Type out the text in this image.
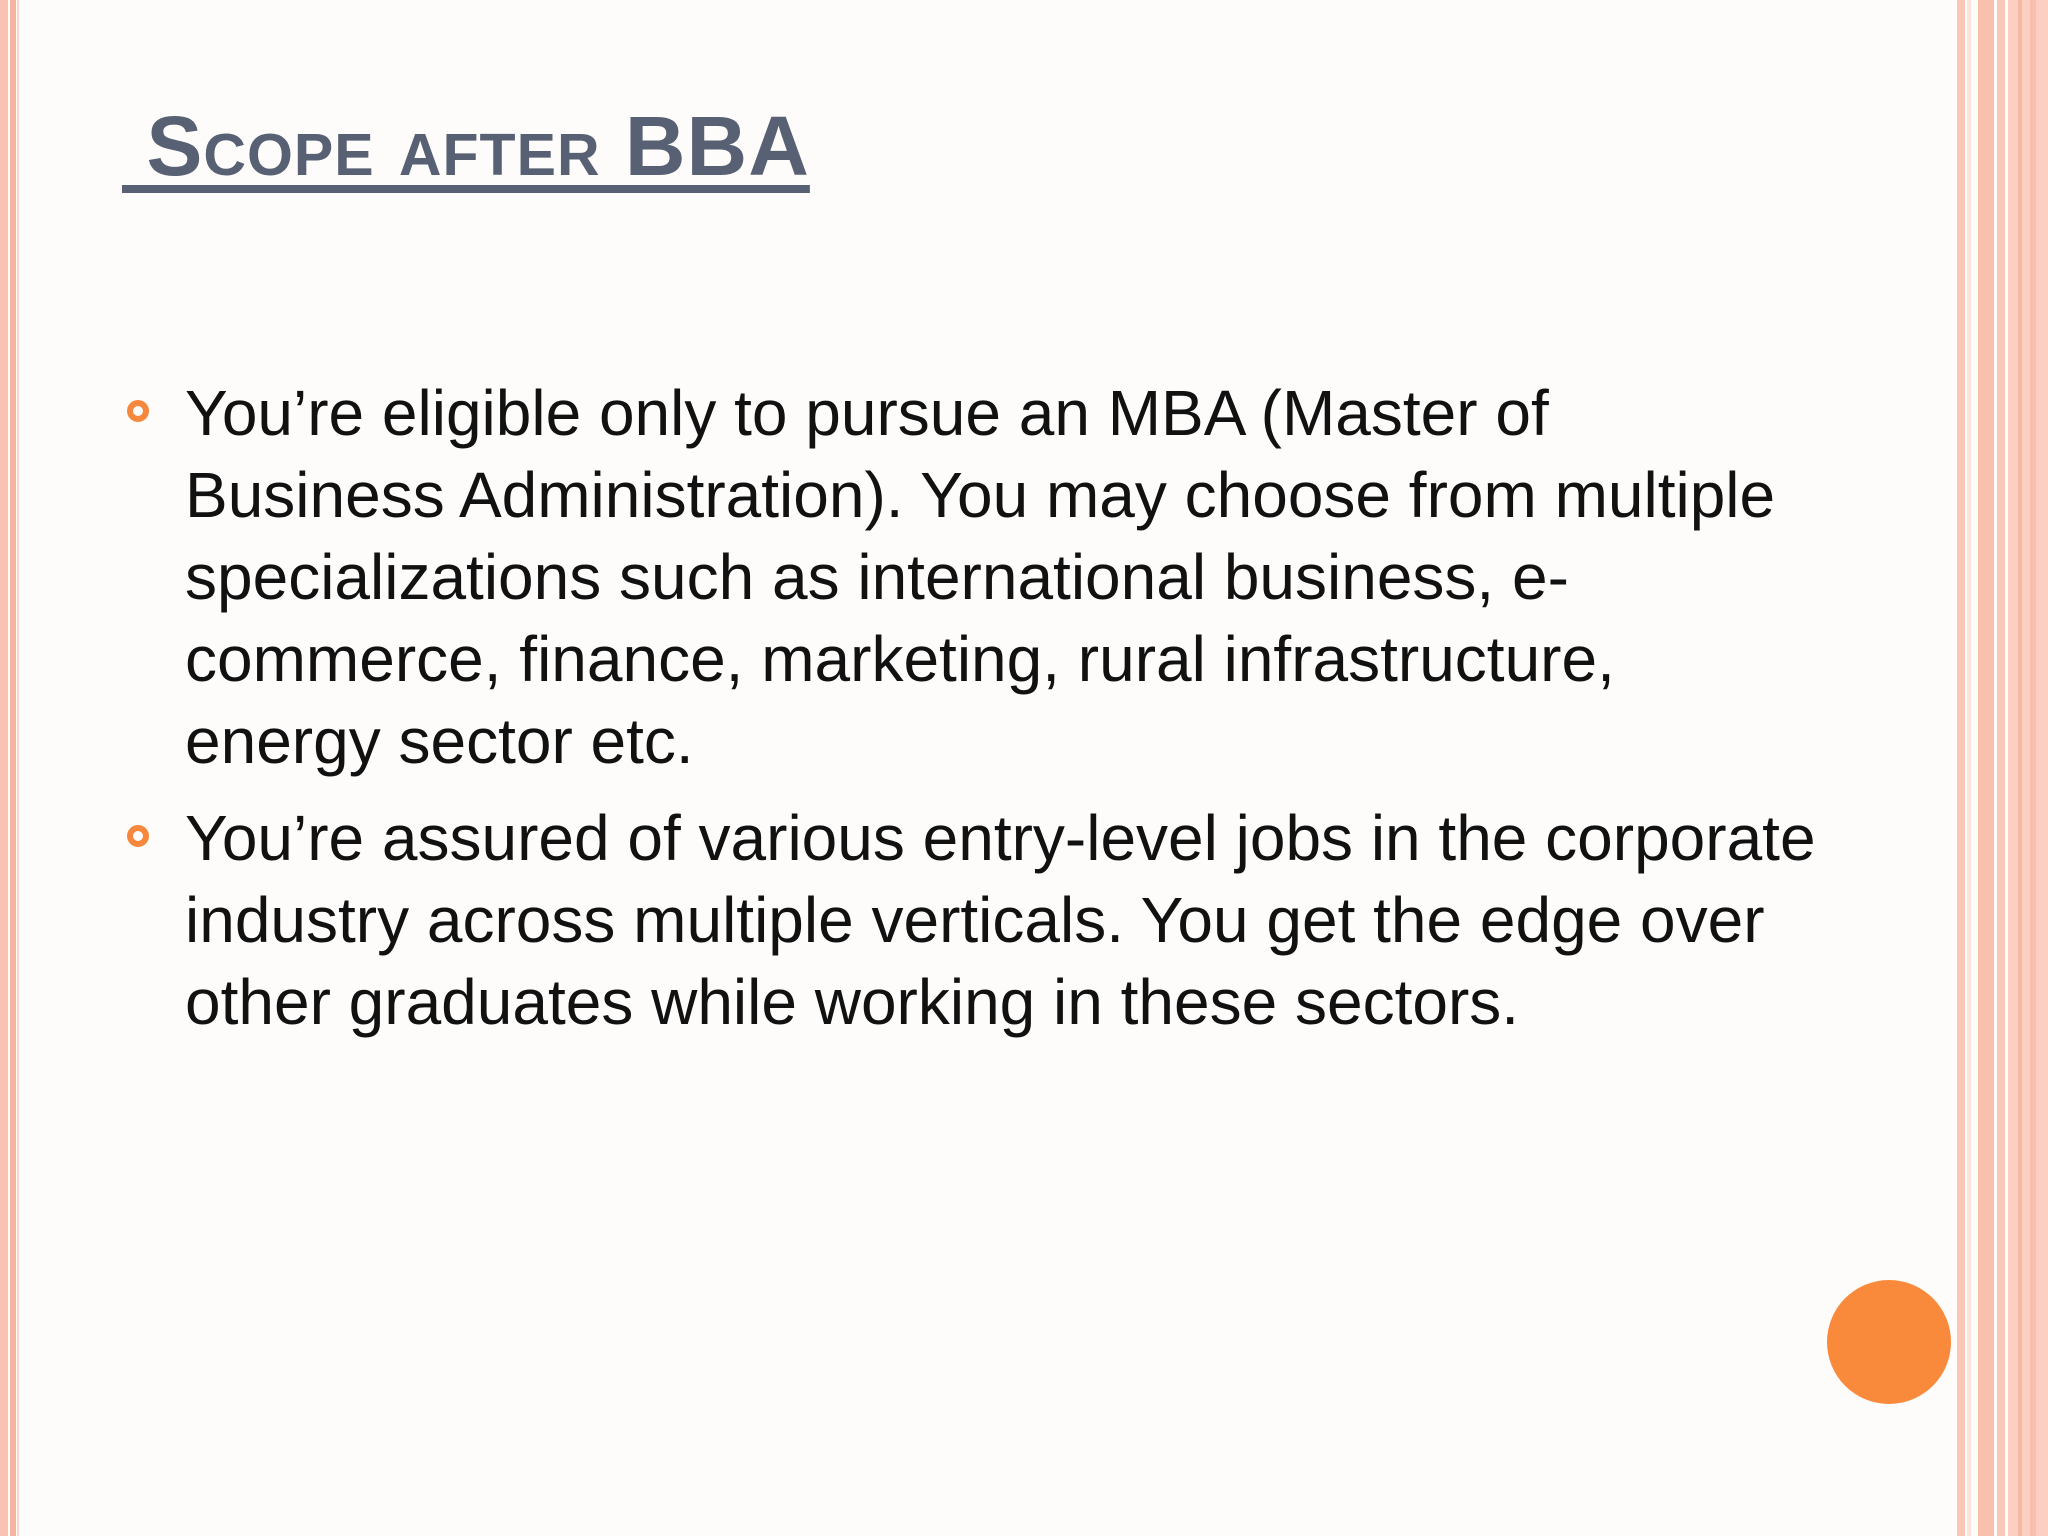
Scope after BBA
You’re eligible only to pursue an MBA (Master of Business Administration). You may choose from multiple specializations such as international business, e-commerce, finance, marketing, rural infrastructure, energy sector etc.
You’re assured of various entry-level jobs in the corporate industry across multiple verticals. You get the edge over other graduates while working in these sectors.
